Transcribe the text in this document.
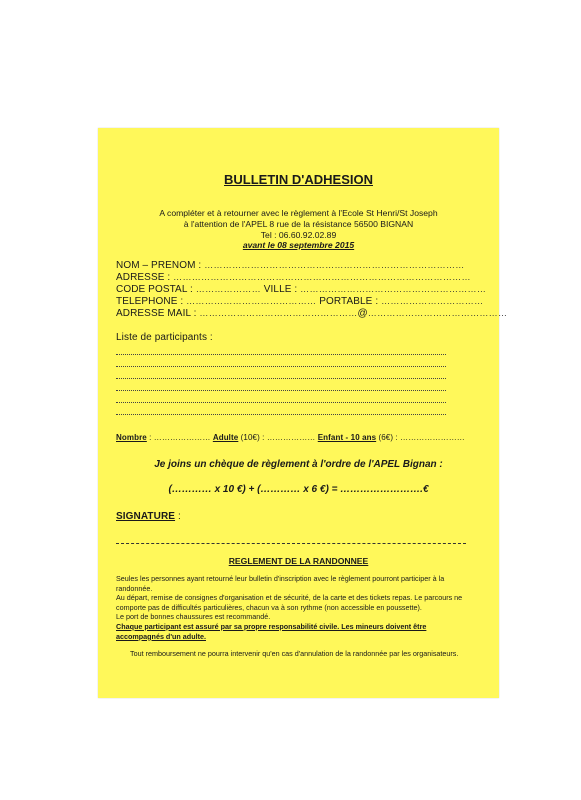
BULLETIN D'ADHESION
A compléter et à retourner avec le règlement à l'Ecole St Henri/St Joseph
à l'attention de l'APEL 8 rue de la résistance 56500 BIGNAN
Tel : 06.60.92.02.89
avant le 08 septembre 2015
NOM – PRENOM : …………………………………………………………………………
ADRESSE : ……………………………………………………………………………………
CODE POSTAL : ………………… VILLE : ……………………………………………………
TELEPHONE : …………………………………… PORTABLE : ……………………………
ADRESSE MAIL : ……………………………………………@………………………………………
Liste de participants :
Nombre : ………………… Adulte (10€) : ……………… Enfant - 10 ans (6€) : ……………………
Je joins un chèque de règlement à l'ordre de l'APEL Bignan :
(………… x 10 €) + (………… x 6 €) = …………………….€
SIGNATURE :
REGLEMENT DE LA RANDONNEE

Seules les personnes ayant retourné leur bulletin d'inscription avec le règlement pourront participer à la randonnée.

Au départ, remise de consignes d'organisation et de sécurité, de la carte et des tickets repas. Le parcours ne comporte pas de difficultés particulières, chacun va à son rythme (non accessible en poussette).

Le port de bonnes chaussures est recommandé.

Chaque participant est assuré par sa propre responsabilité civile. Les mineurs doivent être accompagnés d'un adulte.

Tout remboursement ne pourra intervenir qu'en cas d'annulation de la randonnée par les organisateurs.
